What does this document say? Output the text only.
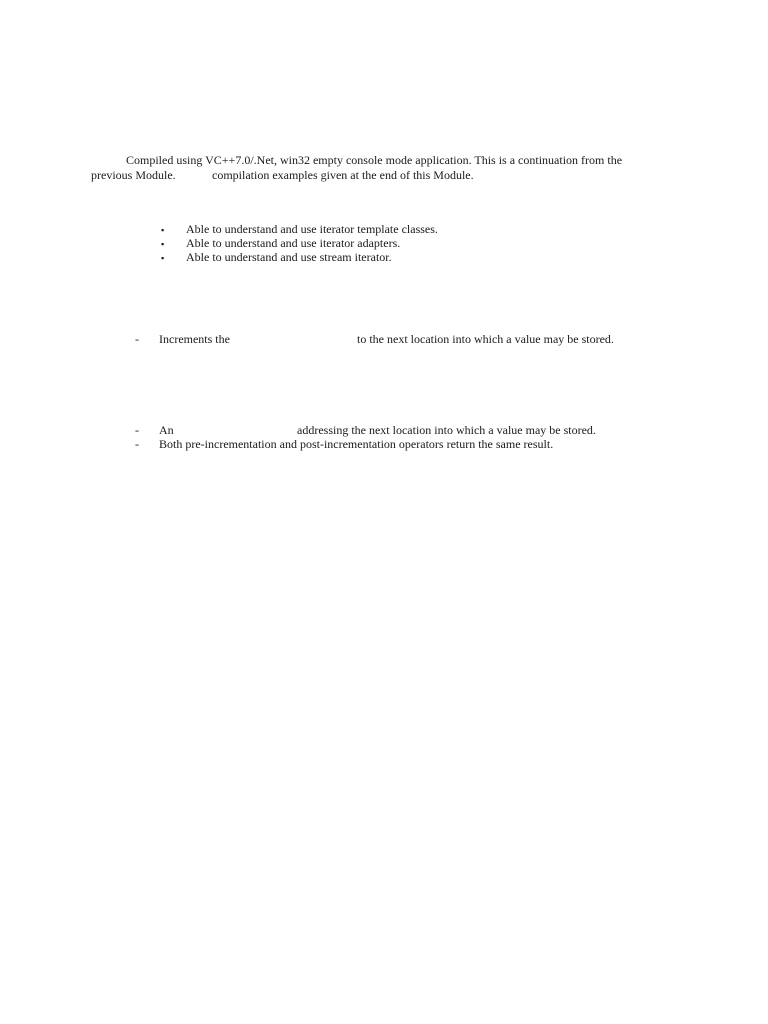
Compiled using VC++7.0/.Net, win32 empty console mode application. This is a continuation from the
previous Module.	compilation examples given at the end of this Module.
▪ Able to understand and use iterator template classes.
▪ Able to understand and use iterator adapters.
▪ Able to understand and use stream iterator.
- Increments the	to the next location into which a value may be stored.
- An	addressing the next location into which a value may be stored.
- Both pre-incrementation and post-incrementation operators return the same result.
